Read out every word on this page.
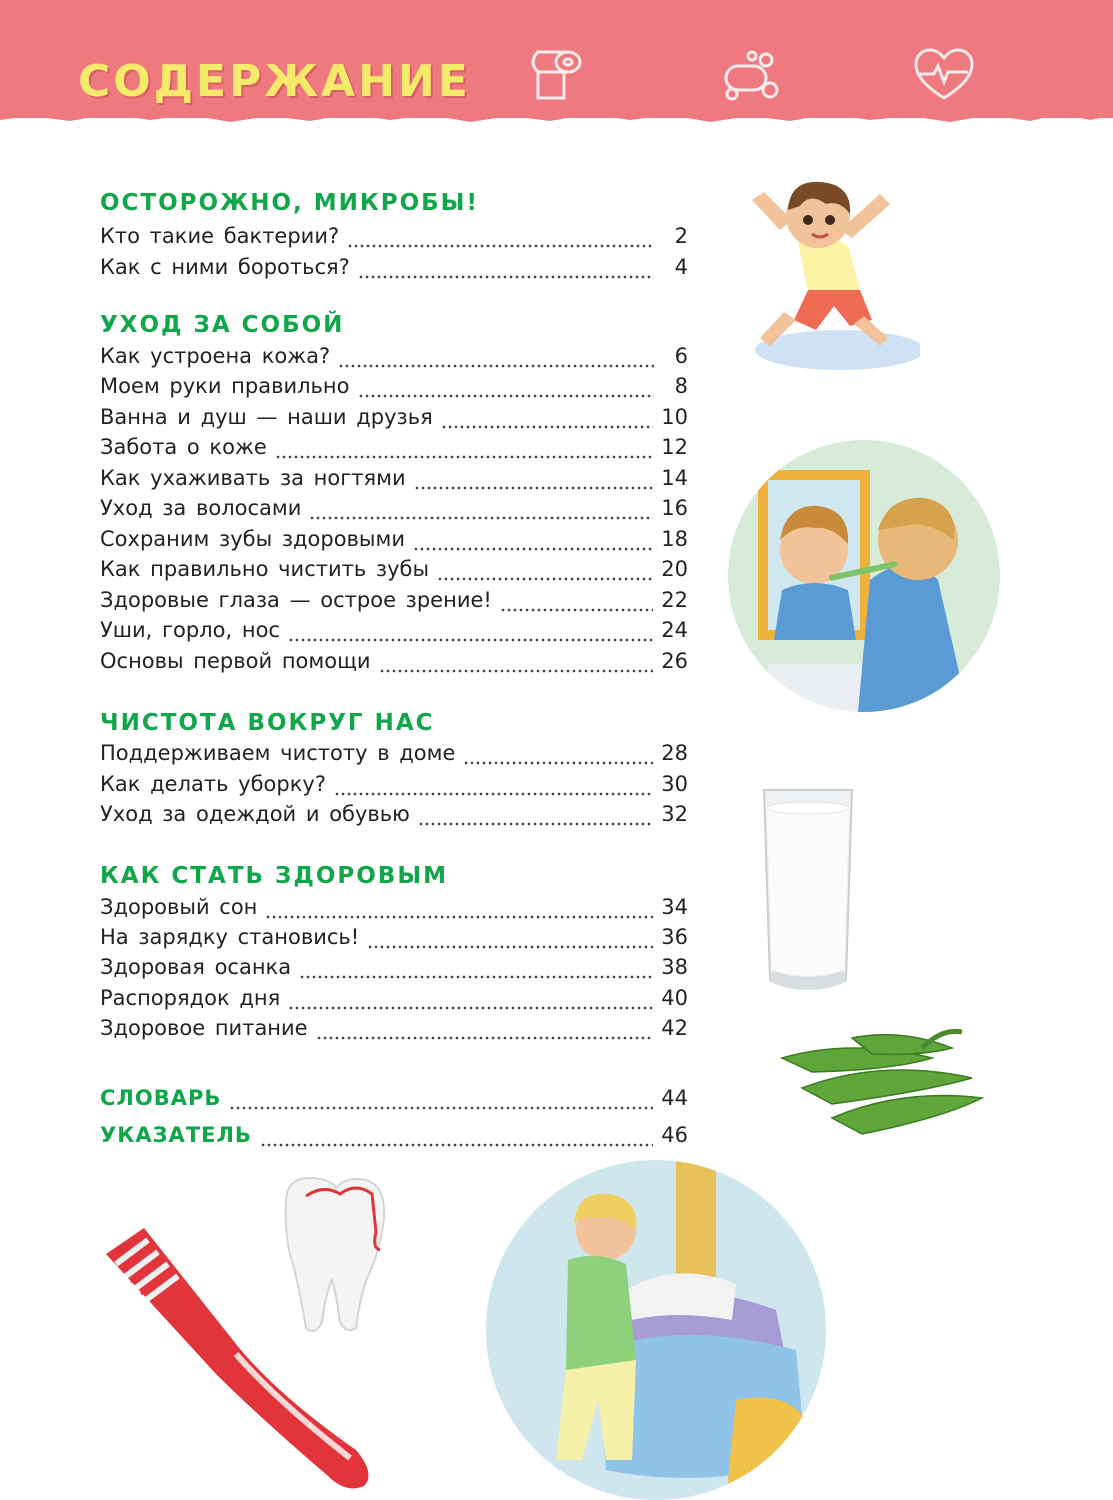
СОДЕРЖАНИЕ
ОСТОРОЖНО, МИКРОБЫ!
Кто такие бактерии?	2
Как с ними бороться?	4
УХОД ЗА СОБОЙ
Как устроена кожа?	6
Моем руки правильно	8
Ванна и душ — наши друзья	10
Забота о коже	12
Как ухаживать за ногтями	14
Уход за волосами	16
Сохраним зубы здоровыми	18
Как правильно чистить зубы	20
Здоровые глаза — острое зрение!	22
Уши, горло, нос	24
Основы первой помощи	26
ЧИСТОТА ВОКРУГ НАС
Поддерживаем чистоту в доме	28
Как делать уборку?	30
Уход за одеждой и обувью	32
КАК СТАТЬ ЗДОРОВЫМ
Здоровый сон	34
На зарядку становись!	36
Здоровая осанка	38
Распорядок дня	40
Здоровое питание	42
СЛОВАРЬ	44
УКАЗАТЕЛЬ	46
